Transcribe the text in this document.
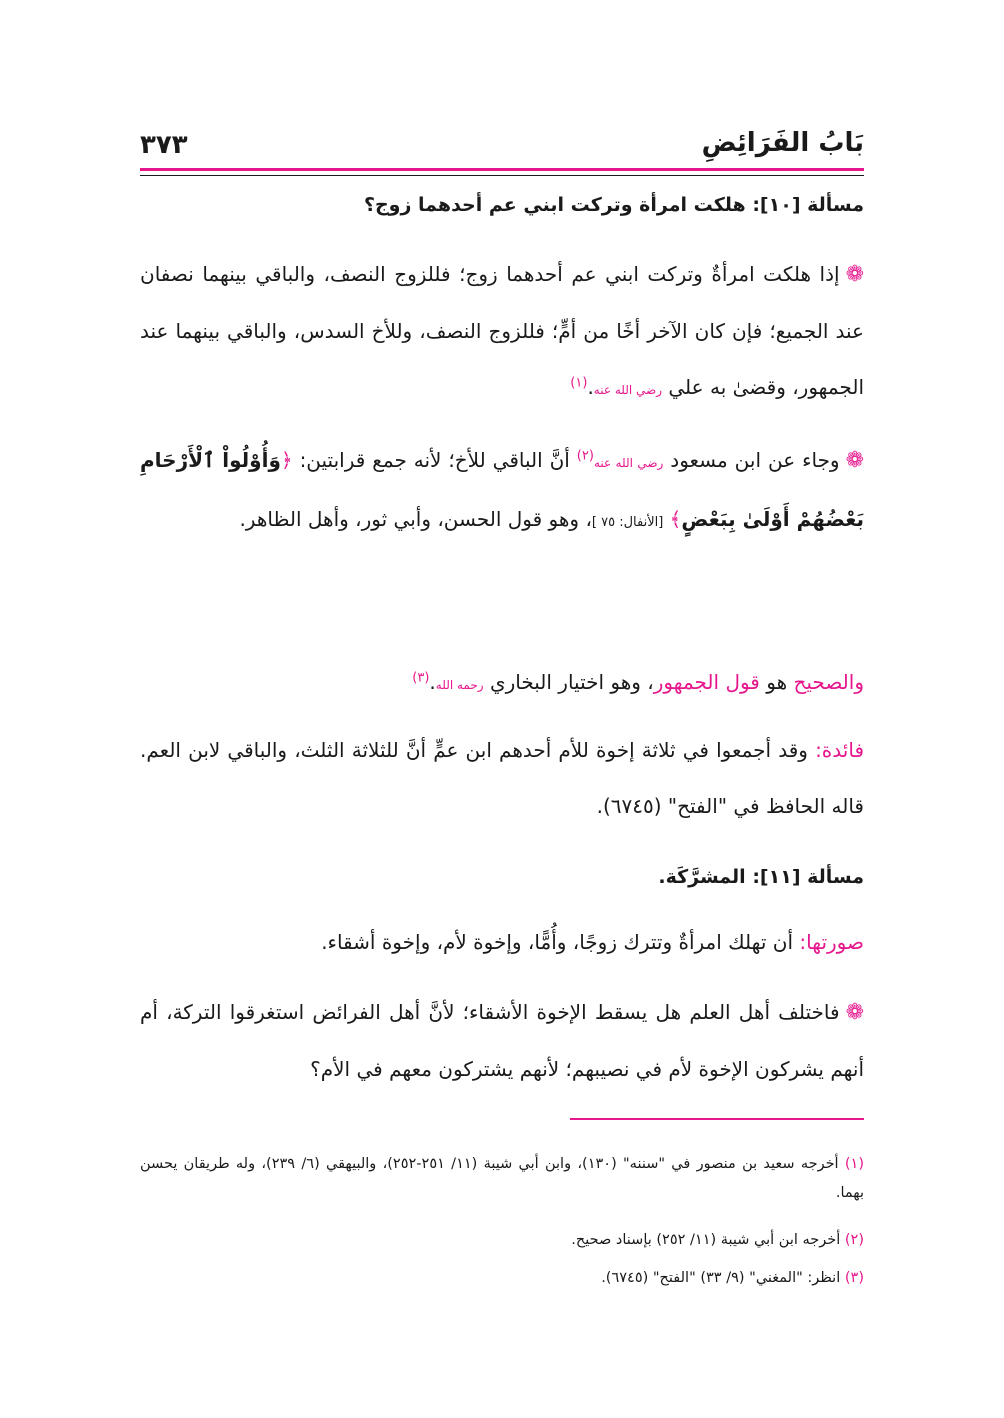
بَابُ الفَرَائِضِ
٣٧٣
مسألة [١٠]: هلكت امرأة وتركت ابني عم أحدهما زوج؟
❁إذا هلكت امرأةٌ وتركت ابني عم أحدهما زوج؛ فللزوج النصف، والباقي بينهما نصفان عند الجميع؛ فإن كان الآخر أخًا من أمٍّ؛ فللزوج النصف، وللأخ السدس، والباقي بينهما عند الجمهور، وقضىٰ به علي رضي الله عنه.$^{(١)}$
❁وجاء عن ابن مسعود رضي الله عنه$^{(٢)}$ أنَّ الباقي للأخ؛ لأنه جمع قرابتين: ﴿وَأُوْلُواْ ٱلْأَرْحَامِ بَعْضُهُمْ أَوْلَىٰ بِبَعْضٍ﴾ [الأنفال: ٧٥ ]، وهو قول الحسن، وأبي ثور، وأهل الظاهر.
والصحيح هو قول الجمهور، وهو اختيار البخاري رحمه الله.$^{(٣)}$
فائدة: وقد أجمعوا في ثلاثة إخوة للأم أحدهم ابن عمٍّ أنَّ للثلاثة الثلث، والباقي لابن العم. قاله الحافظ في "الفتح" (٦٧٤٥).
مسألة [١١]: المشرَّكَة.
صورتها: أن تهلك امرأةٌ وتترك زوجًا، وأُمًّا، وإخوة لأم، وإخوة أشقاء.
❁فاختلف أهل العلم هل يسقط الإخوة الأشقاء؛ لأنَّ أهل الفرائض استغرقوا التركة، أم أنهم يشركون الإخوة لأم في نصيبهم؛ لأنهم يشتركون معهم في الأم؟
(١) أخرجه سعيد بن منصور في "سننه" (١٣٠)، وابن أبي شيبة (١١/ ٢٥١-٢٥٢)، والبيهقي (٦/ ٢٣٩)، وله طريقان يحسن بهما.
(٢) أخرجه ابن أبي شيبة (١١/ ٢٥٢) بإسناد صحيح.
(٣) انظر: "المغني" (٩/ ٣٣) "الفتح" (٦٧٤٥).
